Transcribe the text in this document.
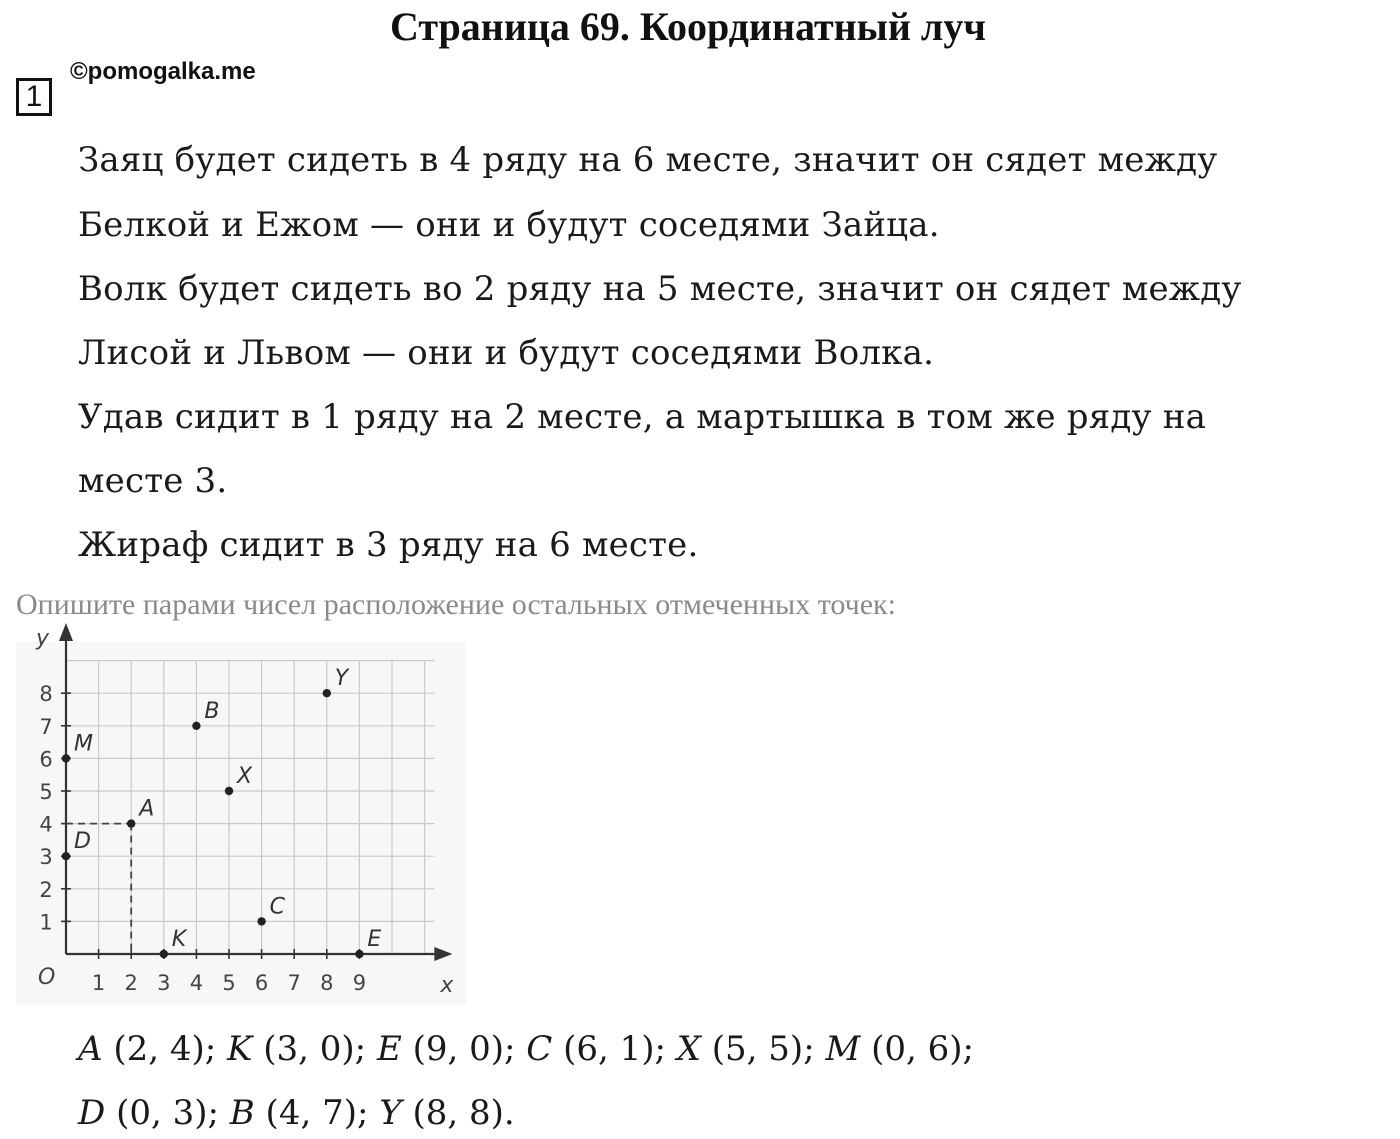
Страница 69. Координатный луч
1
©pomogalka.me
Заяц будет сидеть в 4 ряду на 6 месте, значит он сядет между
Белкой и Ежом — они и будут соседями Зайца.
Волк будет сидеть во 2 ряду на 5 месте, значит он сядет между
Лисой и Львом — они и будут соседями Волка.
Удав сидит в 1 ряду на 2 месте, а мартышка в том же ряду на
месте 3.
Жираф сидит в 3 ряду на 6 месте.
Опишите парами чисел расположение остальных отмеченных точек:
1 2 3 4 5 6 7 8 9
1
2
3
4
5
6
7
8
x
y
O
A
K	E
C
X
M
D
B
Y
A (2, 4); K (3, 0); E (9, 0); C (6, 1); X (5, 5); M (0, 6);
D (0, 3); B (4, 7); Y (8, 8).
